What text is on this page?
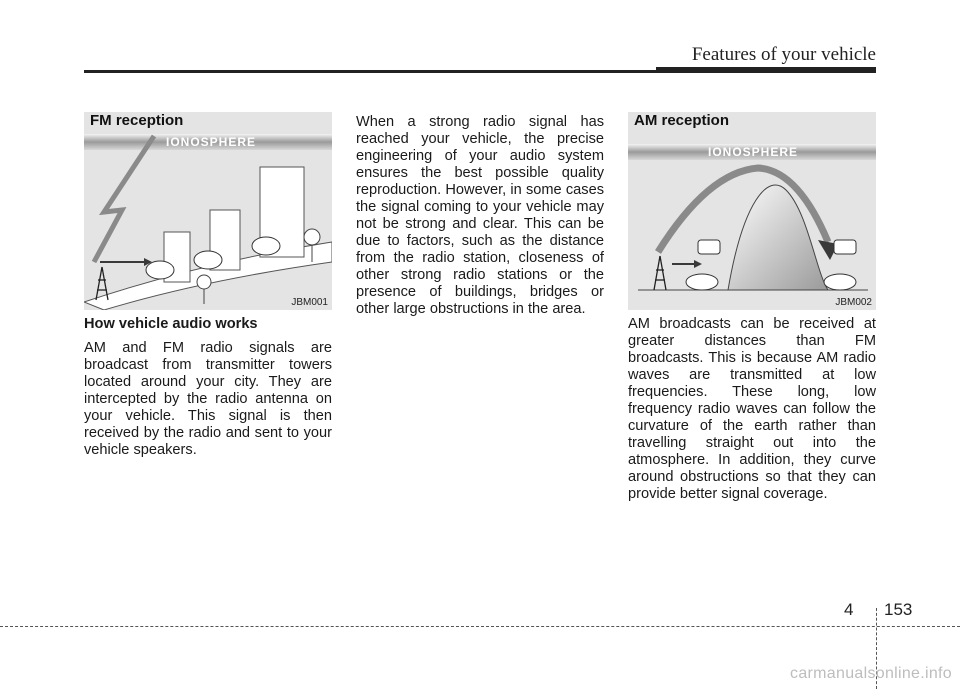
Features of your vehicle
IONOSPHERE
FM reception
JBM001
How vehicle audio works

AM and FM radio signals are broadcast from transmitter towers located around your city. They are intercepted by the radio antenna on your vehicle. This signal is then received by the radio and sent to your vehicle speakers.

When a strong radio signal has reached your vehicle, the precise engineering of your audio system ensures the best possible quality reproduction. However, in some cases the signal coming to your vehicle may not be strong and clear. This can be due to factors, such as the distance from the radio station, closeness of other strong radio stations or the presence of buildings, bridges or other large obstructions in the area.

IONOSPHERE
AM reception
JBM002

AM broadcasts can be received at greater distances than FM broadcasts. This is because AM radio waves are transmitted at low frequencies. These long, low frequency radio waves can follow the curvature of the earth rather than travelling straight out into the atmosphere. In addition, they curve around obstructions so that they can provide better signal coverage.

4 153
carmanualsonline.info
